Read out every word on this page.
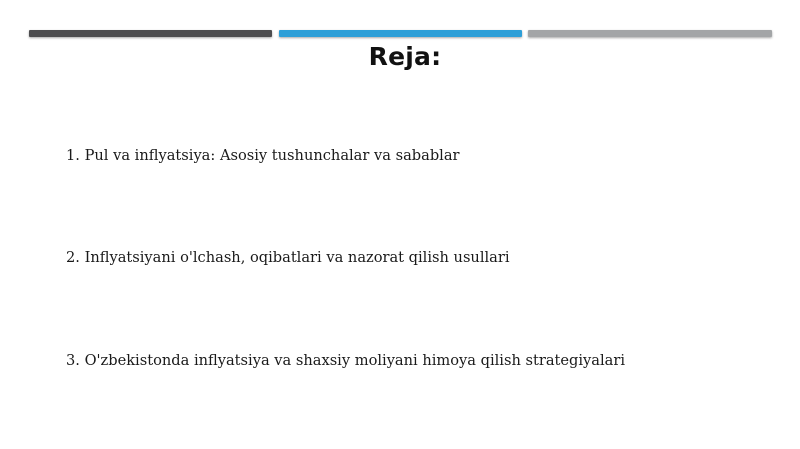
Reja:
1. Pul va inflyatsiya: Asosiy tushunchalar va sabablar
2. Inflyatsiyani o'lchash, oqibatlari va nazorat qilish usullari
3. O'zbekistonda inflyatsiya va shaxsiy moliyani himoya qilish strategiyalari
